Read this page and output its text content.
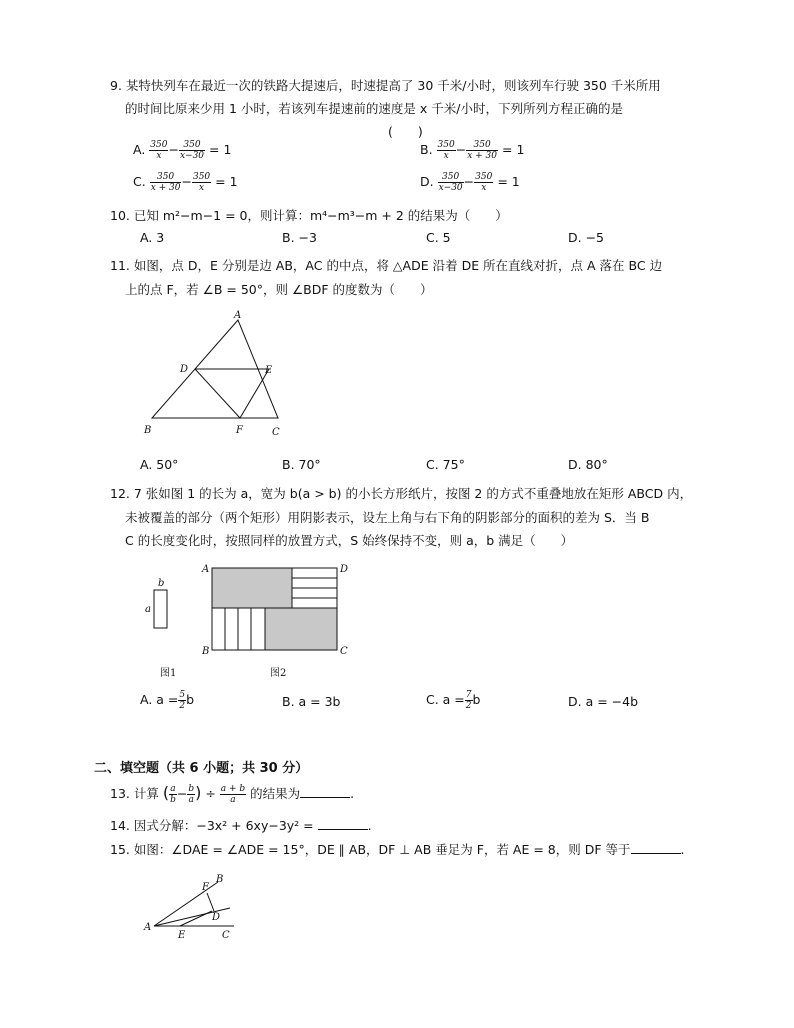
9. 某特快列车在最近一次的铁路大提速后，时速提高了 30 千米/小时，则该列车行驶 350 千米所用
的时间比原来少用 1 小时，若该列车提速前的速度是 x 千米/小时，下列所列方程正确的是
(　　)
A. $\frac{350}{x} - \frac{350}{x-30} = 1$	B. $\frac{350}{x} - \frac{350}{x + 30} = 1$
C. $\frac{350}{x + 30} - \frac{350}{x} = 1$	D. $\frac{350}{x-30} - \frac{350}{x} = 1$
10. 已知 m²−m−1 = 0，则计算：m⁴−m³−m + 2 的结果为（　　）
A. 3	B. −3	C. 5	D. −5
11. 如图，点 D，E 分别是边 AB，AC 的中点，将 △ADE 沿着 DE 所在直线对折，点 A 落在 BC 边
上的点 F，若 ∠B = 50°，则 ∠BDF 的度数为（　　）
A
D	E
B	F	C
A. 50°	B. 70°	C. 75°	D. 80°
12. 7 张如图 1 的长为 a，宽为 b(a > b) 的小长方形纸片，按图 2 的方式不重叠地放在矩形 ABCD 内，
未被覆盖的部分（两个矩形）用阴影表示，设左上角与右下角的阴影部分的面积的差为 S．当 B
C 的长度变化时，按照同样的放置方式，S 始终保持不变，则 a，b 满足（　　）
b
a
A	D
B	C
图1	图2
A. $a = \frac{5}{2}$ b	B. a = 3b	C. $a = \frac{7}{2}$ b	D. a = −4b
二、填空题（共 6 小题；共 30 分）
13. 计算 ( $\frac{a}{b} - \frac{b}{a}$ ) ÷ $\frac{a + b}{a}$ 的结果为	.
14. 因式分解：−3x² + 6xy−3y² =	.
15. 如图：∠DAE = ∠ADE = 15°，DE ∥ AB，DF ⊥ AB 垂足为 F，若 AE = 8，则 DF 等于	.
A
B
F
D
E	C
